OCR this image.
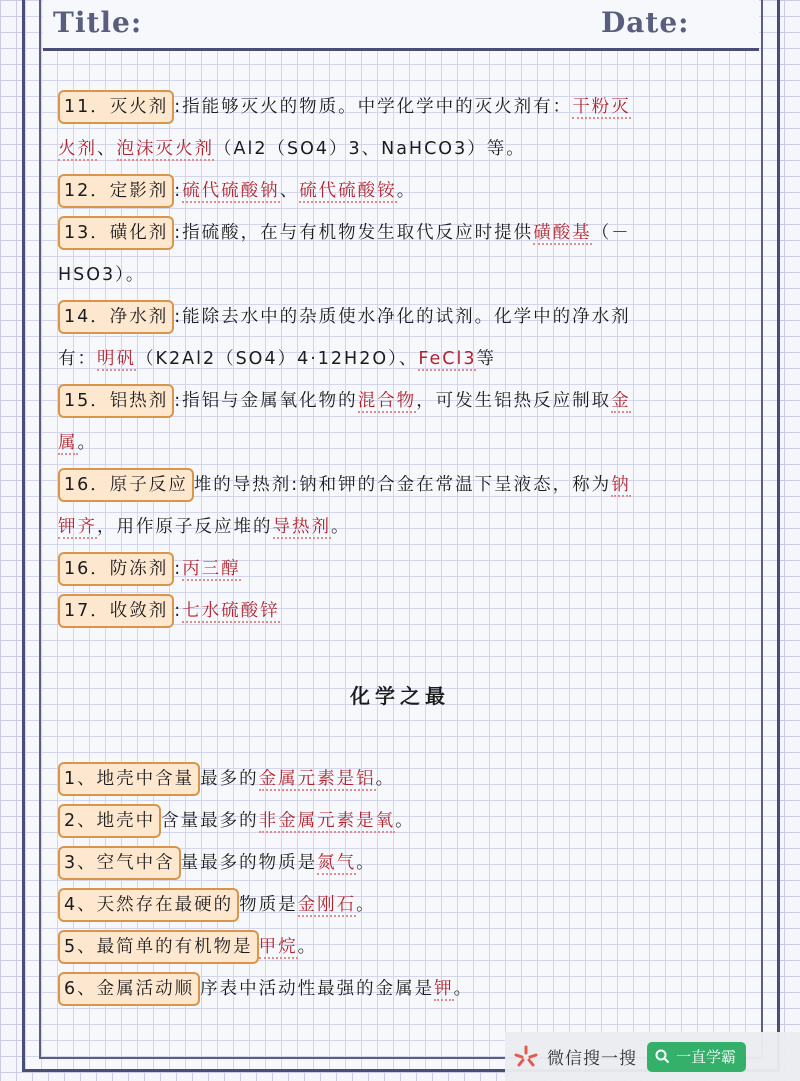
Title:	Date:
11．灭火剂 :指能够灭火的物质。中学化学中的灭火剂有：干粉灭
火剂、泡沫灭火剂（Al2（SO4）3、NaHCO3）等。
12．定影剂 :硫代硫酸钠、硫代硫酸铵。
13．磺化剂 :指硫酸，在与有机物发生取代反应时提供磺酸基（－
HSO3）。
14．净水剂 :能除去水中的杂质使水净化的试剂。化学中的净水剂
有：明矾（K2Al2（SO4）4·12H2O）、FeCl3等
15．铝热剂 :指铝与金属氧化物的混合物，可发生铝热反应制取金
属。
16．原子反应 堆的导热剂:钠和钾的合金在常温下呈液态，称为钠
钾齐，用作原子反应堆的导热剂。
16．防冻剂 :丙三醇
17．收敛剂 :七水硫酸锌
化学之最
1、地壳中含量 最多的金属元素是铝。
2、地壳中 含量最多的非金属元素是氧。
3、空气中含 量最多的物质是氮气。
4、天然存在最硬的 物质是金刚石。
5、最简单的有机物是 甲烷。
6、金属活动顺 序表中活动性最强的金属是钾。
微信搜一搜	一直学霸
